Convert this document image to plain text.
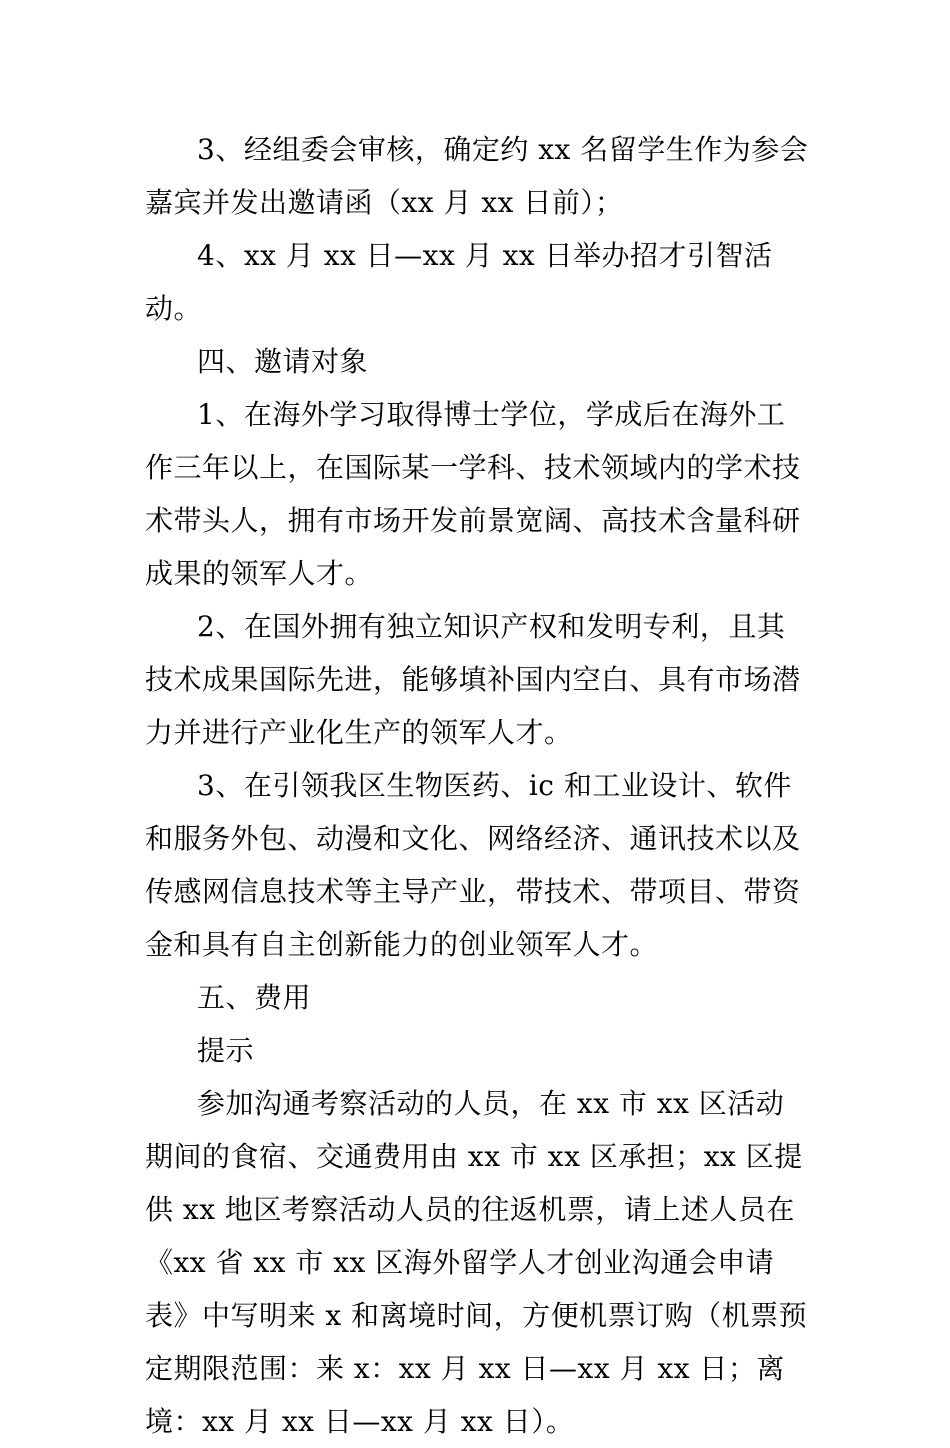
3、经组委会审核，确定约 xx 名留学生作为参会嘉宾并发出邀请函（xx 月 xx 日前）；

4、xx 月 xx 日—xx 月 xx 日举办招才引智活动。

四、邀请对象

1、在海外学习取得博士学位，学成后在海外工作三年以上，在国际某一学科、技术领域内的学术技术带头人，拥有市场开发前景宽阔、高技术含量科研成果的领军人才。

2、在国外拥有独立知识产权和发明专利，且其技术成果国际先进，能够填补国内空白、具有市场潜力并进行产业化生产的领军人才。

3、在引领我区生物医药、ic 和工业设计、软件和服务外包、动漫和文化、网络经济、通讯技术以及传感网信息技术等主导产业，带技术、带项目、带资金和具有自主创新能力的创业领军人才。

五、费用

提示

参加沟通考察活动的人员，在 xx 市 xx 区活动期间的食宿、交通费用由 xx 市 xx 区承担；xx 区提供 xx 地区考察活动人员的往返机票，请上述人员在《xx 省 xx 市 xx 区海外留学人才创业沟通会申请表》中写明来 x 和离境时间，方便机票订购（机票预定期限范围：来 x：xx 月 xx 日—xx 月 xx 日；离境：xx 月 xx 日—xx 月 xx 日）。
